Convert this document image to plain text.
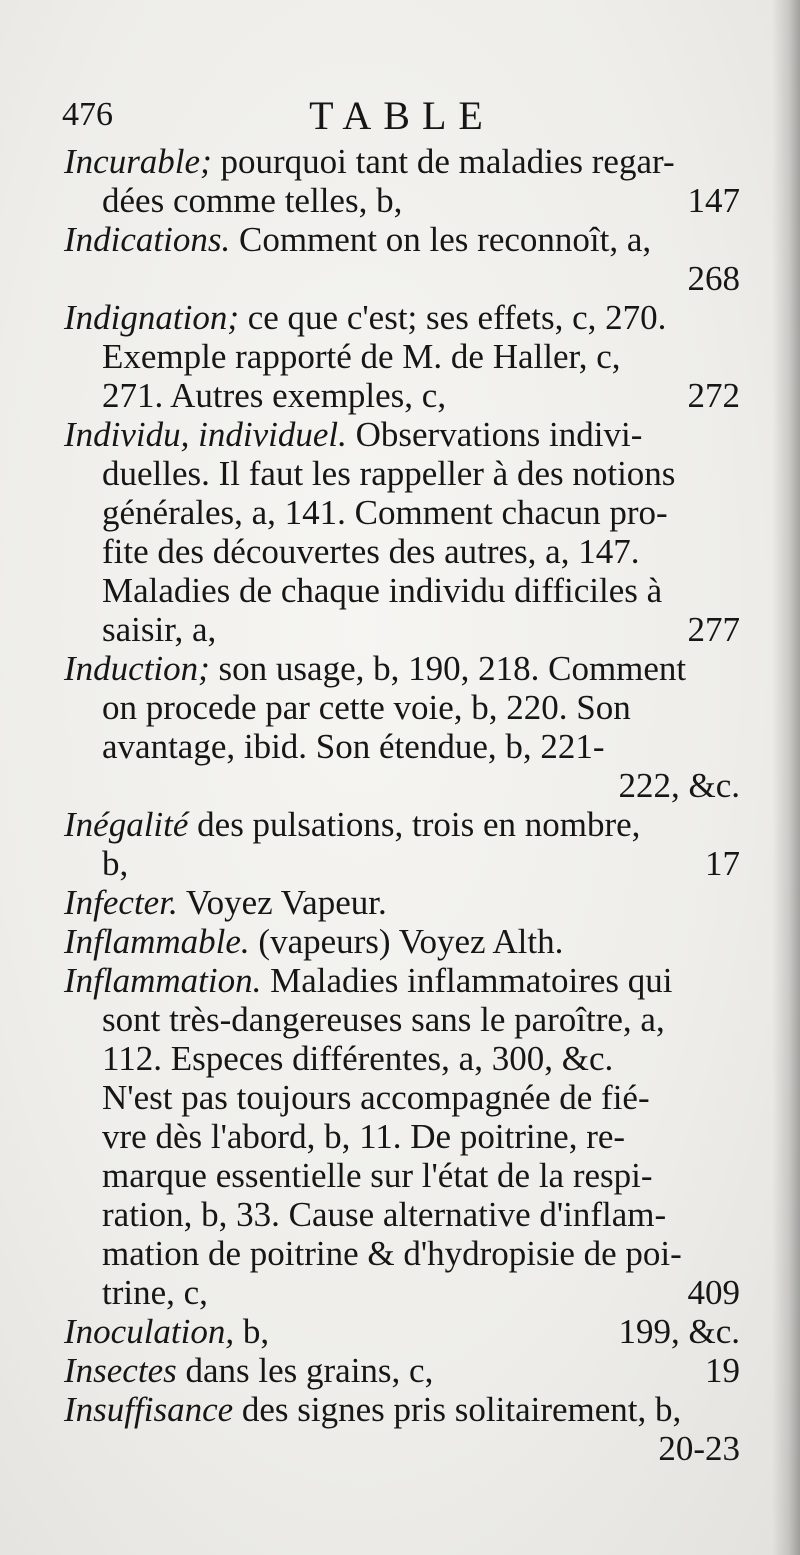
476	TABLE
Incurable; pourquoi tant de maladies regar-
dées comme telles, b,	147
Indications. Comment on les reconnoît, a,
268
Indignation; ce que c'est; ses effets, c, 270.
Exemple rapporté de M. de Haller, c,
271. Autres exemples, c,	272
Individu, individuel. Observations indivi-
duelles. Il faut les rappeller à des notions
générales, a, 141. Comment chacun pro-
fite des découvertes des autres, a, 147.
Maladies de chaque individu difficiles à
saisir, a,	277
Induction; son usage, b, 190, 218. Comment
on procede par cette voie, b, 220. Son
avantage, ibid. Son étendue, b, 221-
222, &c.
Inégalité des pulsations, trois en nombre,
b,	17
Infecter. Voyez Vapeur.
Inflammable. (vapeurs) Voyez Alth.
Inflammation. Maladies inflammatoires qui
sont très-dangereuses sans le paroître, a,
112. Especes différentes, a, 300, &c.
N'est pas toujours accompagnée de fié-
vre dès l'abord, b, 11. De poitrine, re-
marque essentielle sur l'état de la respi-
ration, b, 33. Cause alternative d'inflam-
mation de poitrine & d'hydropisie de poi-
trine, c,	409
Inoculation, b,	199, &c.
Insectes dans les grains, c,	19
Insuffisance des signes pris solitairement, b,
20-23
